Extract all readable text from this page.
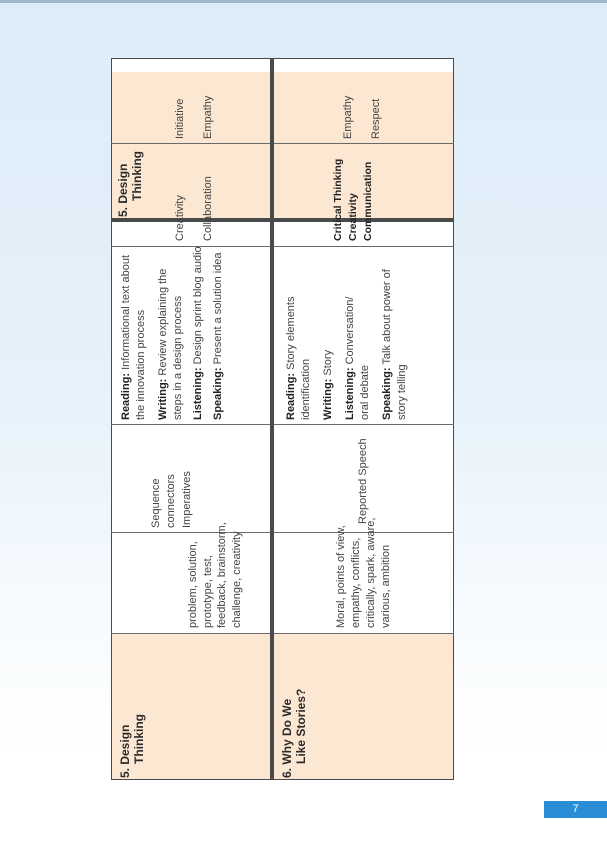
5. Design Thinking
5. Design Thinking
problem, solution, prototype, test, feedback, brainstorm, challenge, creativity
Sequence connectors Imperatives
Reading: Informational text about the innovation process Writing: Review explaining the steps in a design process Listening: Design sprint blog audio
Speaking: Present a solution idea
Creativity Collaboration
Initiative Empathy
6. Why Do We Like Stories?
Moral, points of view, empathy, conflicts, critically, spark, aware, various, ambition
Reported Speech
Reading: Story elements
identification Writing: Story
Listening: Conversation/
oral debate Speaking: Talk about power of
story telling
Critical Thinking Creativity Communication
Empathy Respect
7
